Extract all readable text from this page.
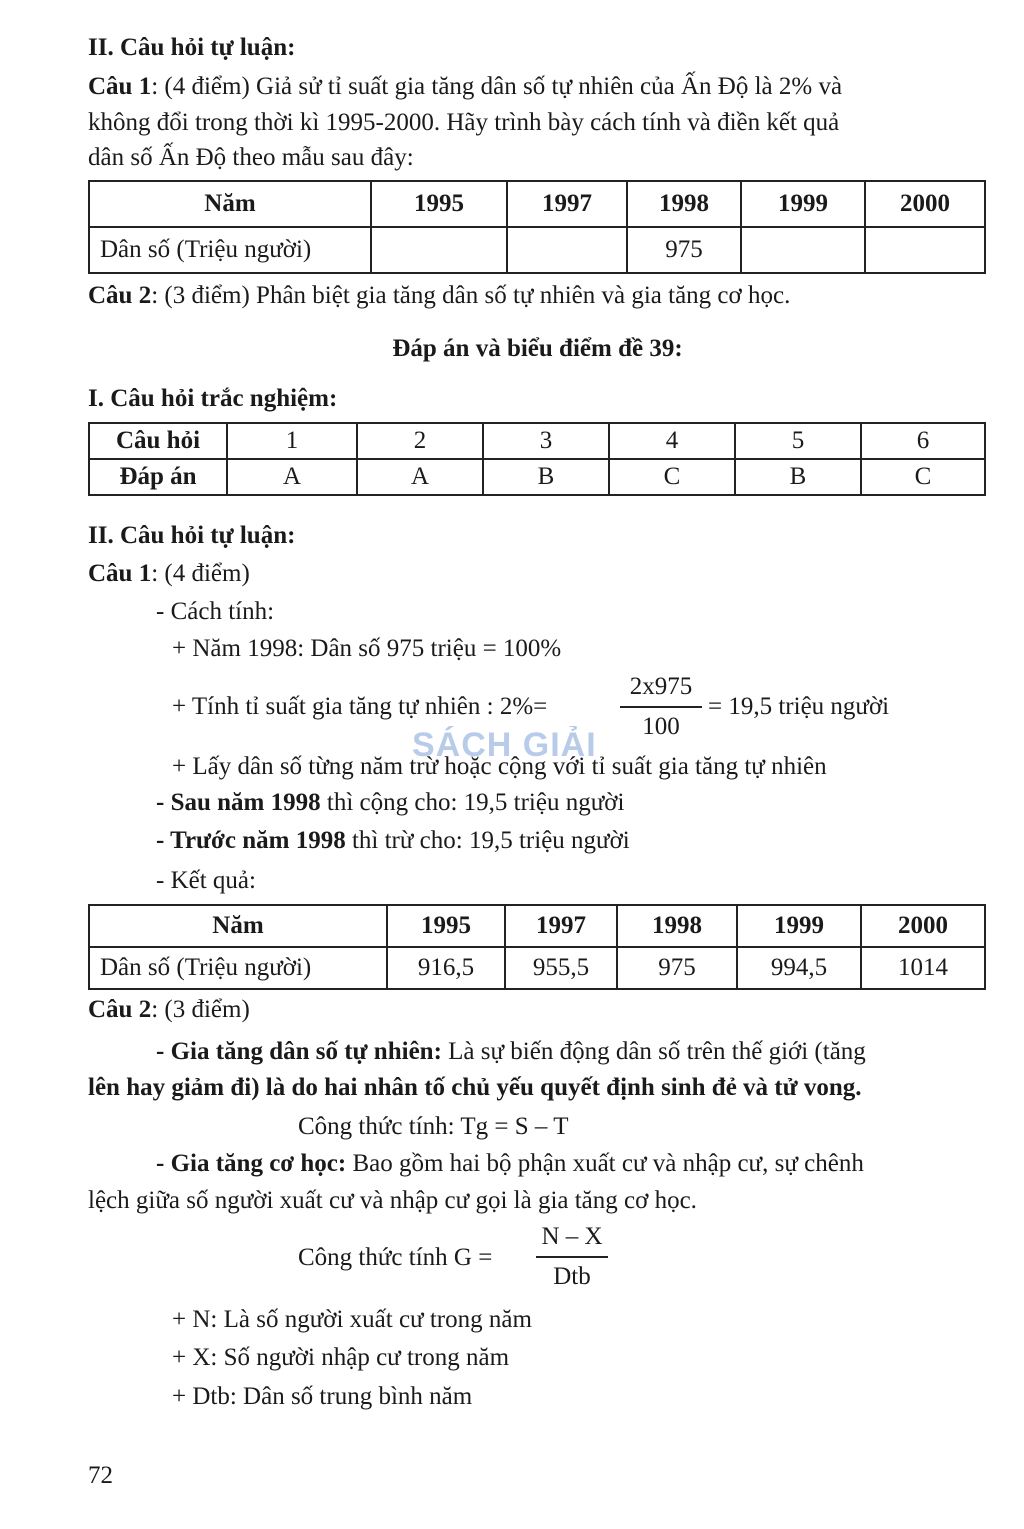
II. Câu hỏi tự luận:
Câu 1: (4 điểm) Giả sử tỉ suất gia tăng dân số tự nhiên của Ấn Độ là 2% và
không đổi trong thời kì 1995-2000. Hãy trình bày cách tính và điền kết quả
dân số Ấn Độ theo mẫu sau đây:
Năm	1995	1997	1998	1999	2000
Dân số (Triệu người)			975		
Câu 2: (3 điểm) Phân biệt gia tăng dân số tự nhiên và gia tăng cơ học.
Đáp án và biểu điểm đề 39:
I. Câu hỏi trắc nghiệm:
Câu hỏi	1	2	3	4	5	6
Đáp án	A	A	B	C	B	C
II. Câu hỏi tự luận:
Câu 1: (4 điểm)
- Cách tính:
+ Năm 1998: Dân số 975 triệu = 100%
+ Tính tỉ suất gia tăng tự nhiên : 2%=
2x975
100
= 19,5 triệu người
+ Lấy dân số từng năm trừ hoặc cộng với tỉ suất gia tăng tự nhiên
- Sau năm 1998 thì cộng cho: 19,5 triệu người
- Trước năm 1998 thì trừ cho: 19,5 triệu người
- Kết quả:
Năm	1995	1997	1998	1999	2000
Dân số (Triệu người)	916,5	955,5	975	994,5	1014
Câu 2: (3 điểm)
- Gia tăng dân số tự nhiên: Là sự biến động dân số trên thế giới (tăng
lên hay giảm đi) là do hai nhân tố chủ yếu quyết định sinh đẻ và tử vong.
Công thức tính: Tg = S – T
- Gia tăng cơ học: Bao gồm hai bộ phận xuất cư và nhập cư, sự chênh
lệch giữa số người xuất cư và nhập cư gọi là gia tăng cơ học.
Công thức tính G =
N – X
Dtb
+ N: Là số người xuất cư trong năm
+ X: Số người nhập cư trong năm
+ Dtb: Dân số trung bình năm
SÁCH GIẢI
72
